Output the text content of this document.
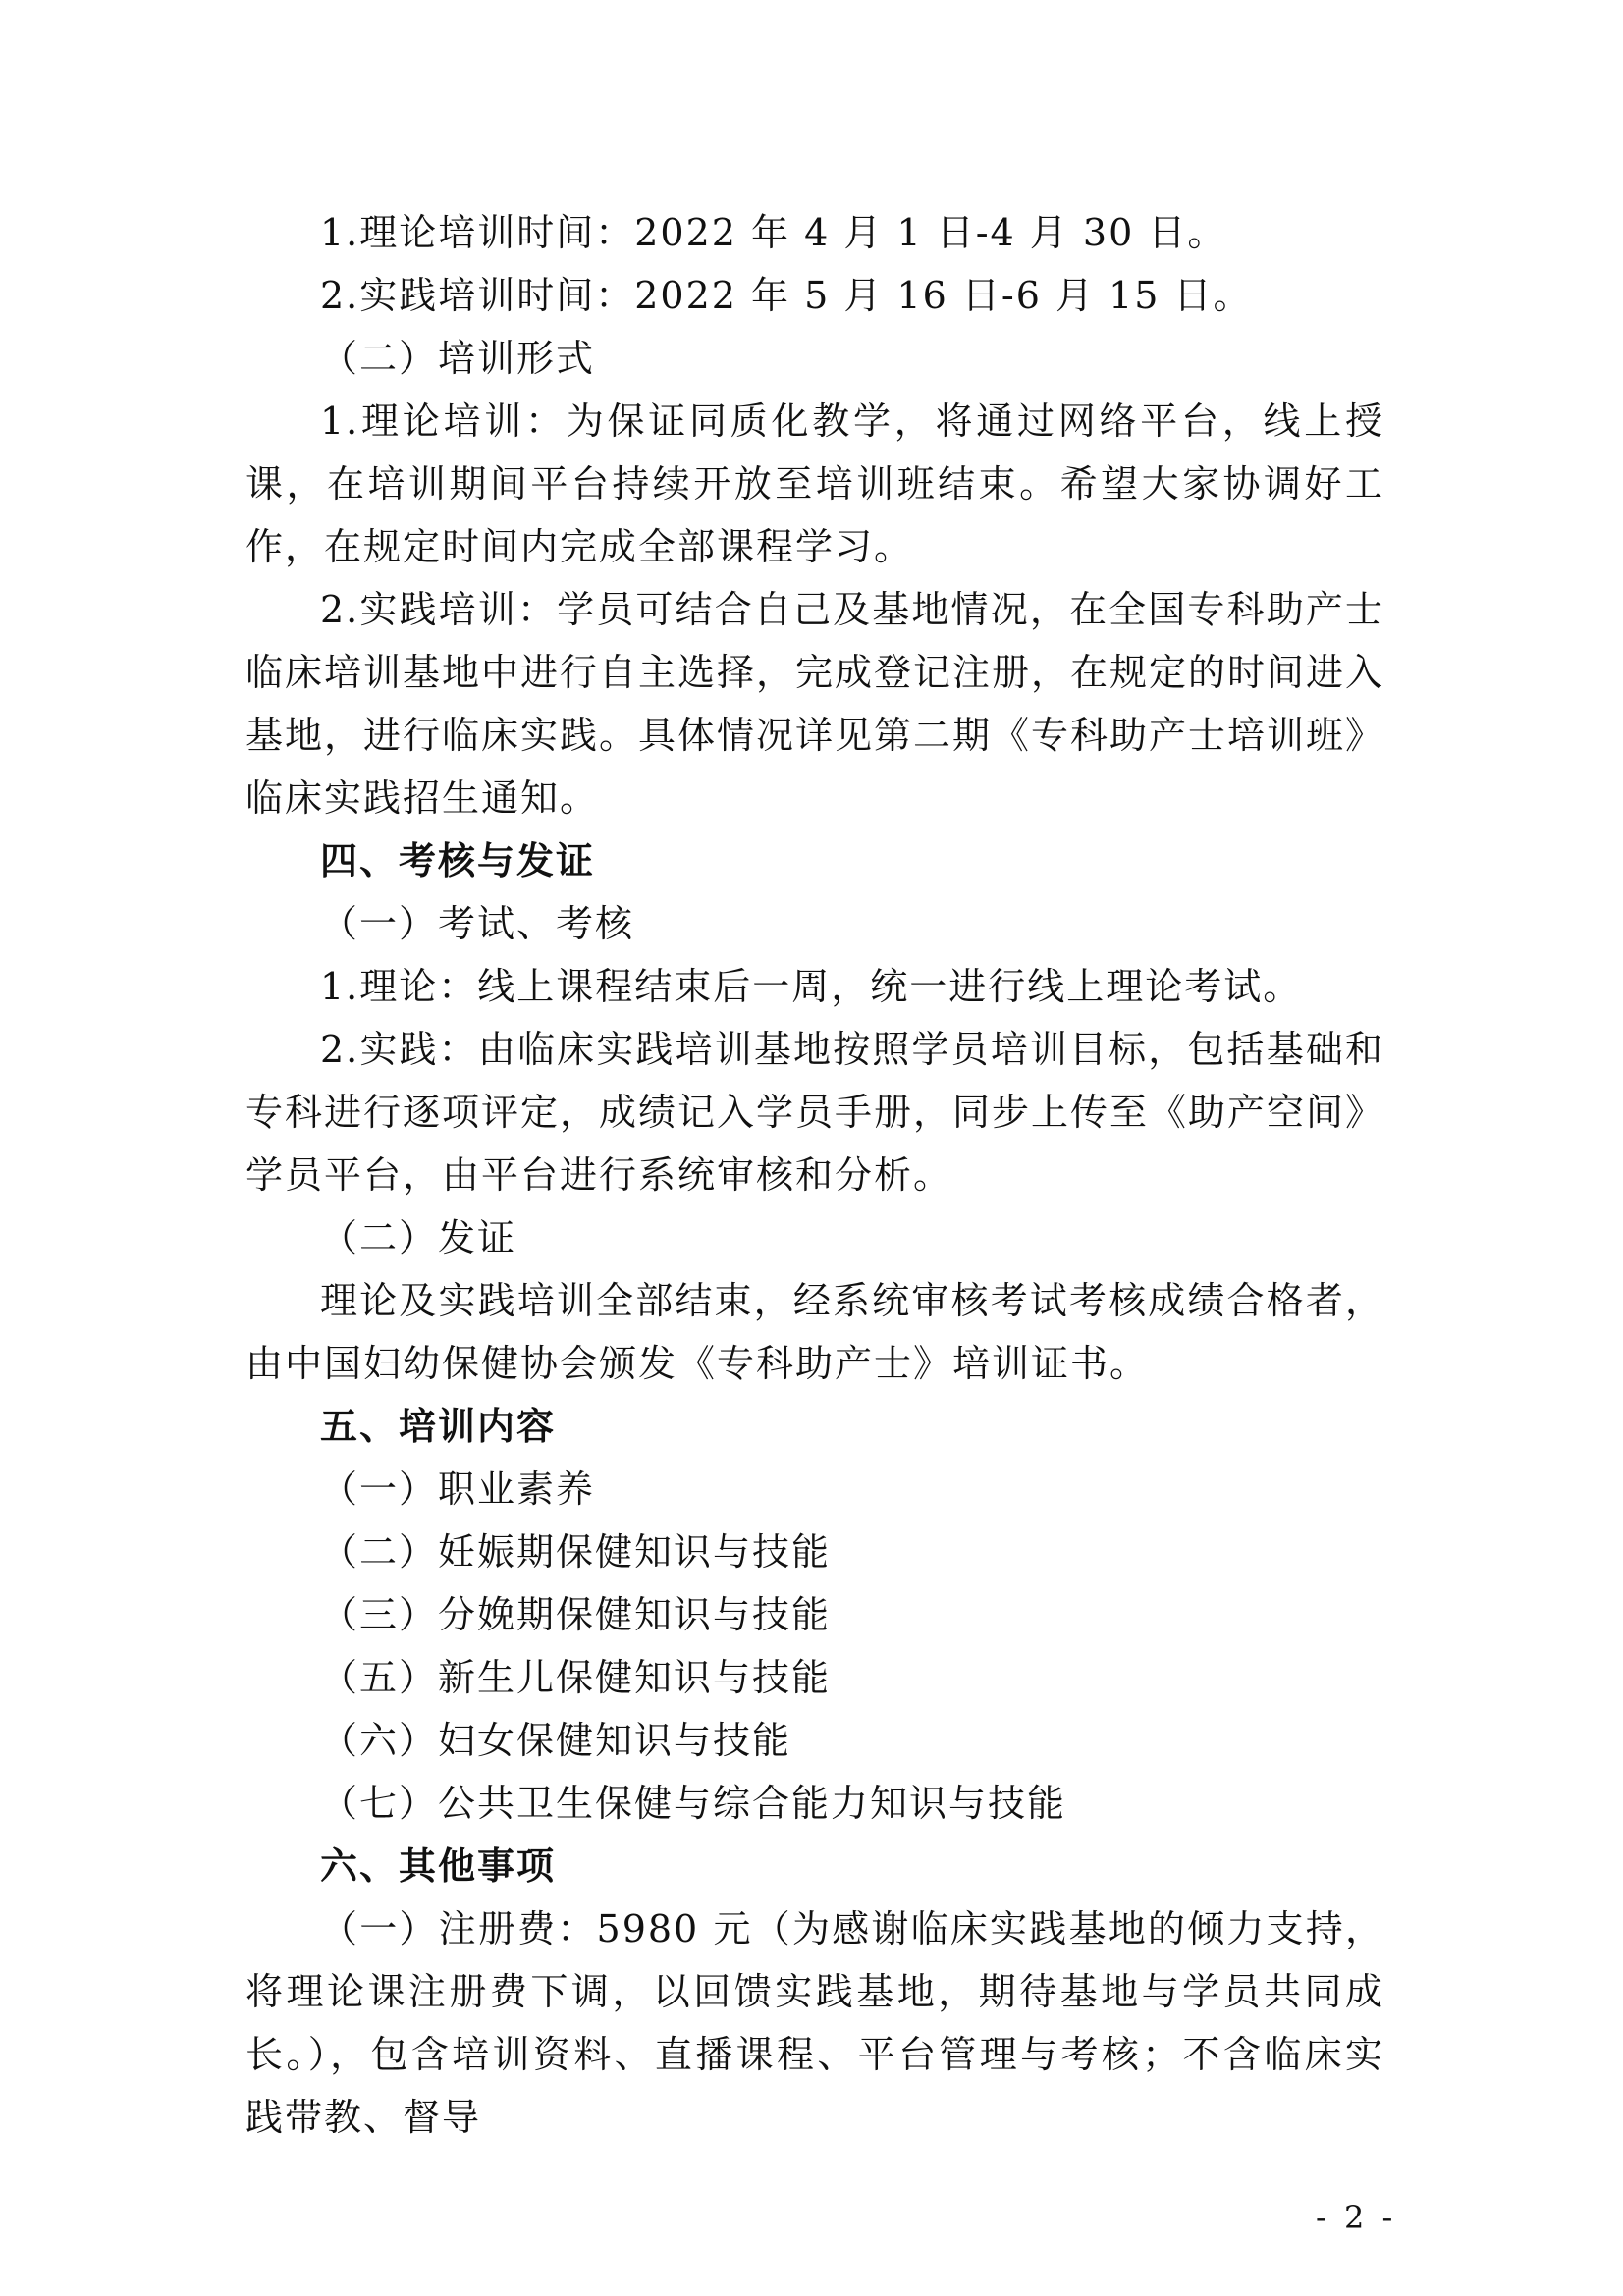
1.理论培训时间：2022 年 4 月 1 日-4 月 30 日。

2.实践培训时间：2022 年 5 月 16 日-6 月 15 日。

（二）培训形式

1.理论培训：为保证同质化教学，将通过网络平台，线上授课，在培训期间平台持续开放至培训班结束。希望大家协调好工作，在规定时间内完成全部课程学习。

2.实践培训：学员可结合自己及基地情况，在全国专科助产士临床培训基地中进行自主选择，完成登记注册，在规定的时间进入基地，进行临床实践。具体情况详见第二期《专科助产士培训班》临床实践招生通知。

四、考核与发证

（一）考试、考核

1.理论：线上课程结束后一周，统一进行线上理论考试。

2.实践：由临床实践培训基地按照学员培训目标，包括基础和专科进行逐项评定，成绩记入学员手册，同步上传至《助产空间》学员平台，由平台进行系统审核和分析。

（二）发证

理论及实践培训全部结束，经系统审核考试考核成绩合格者，由中国妇幼保健协会颁发《专科助产士》培训证书。

五、培训内容

（一）职业素养

（二）妊娠期保健知识与技能

（三）分娩期保健知识与技能

（五）新生儿保健知识与技能

（六）妇女保健知识与技能

（七）公共卫生保健与综合能力知识与技能

六、其他事项

（一）注册费：5980 元（为感谢临床实践基地的倾力支持，将理论课注册费下调，以回馈实践基地，期待基地与学员共同成长。），包含培训资料、直播课程、平台管理与考核；不含临床实践带教、督导

- 2 -
